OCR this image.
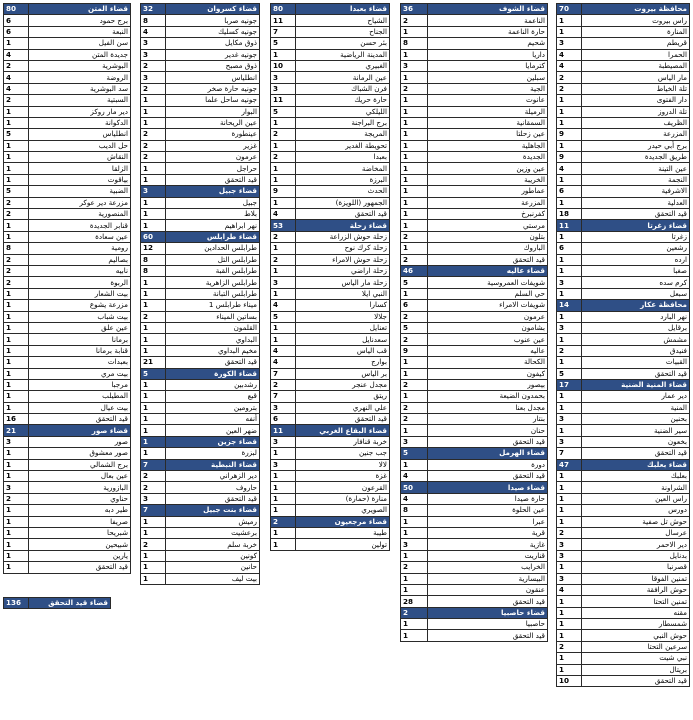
70	محافظة بيروت
1	راس بيروت
1	المنارة
3	قريطم
4	الحمرا
4	المصيطبة
2	مار الياس
2	تلة الخياط
1	دار الفتوى
1	تلة الدروز
1	الظريف
9	المزرعة
1	برج أبي حيدر
9	طريق الجديدة
4	عين التينة
1	النجمة
6	الاشرفية
1	العدلية
18	قيد التحقق
11	قضاء زغرتا
1	زغرتا
6	رشعين
1	ارده
1	صغبا
3	كرم سده
1	سبعل
14	محافظة عكار
1	نهر البارد
3	برقايل
1	مشمش
2	فنيدق
1	القبيات
5	قيد التحقق
17	قضاء المنية الضنية
1	دير عمار
1	المنية
3	بحنين
1	سير الضنية
3	بخعون
7	قيد التحقق
47	قضاء بعلبك
1	بعلبك
1	الشراونة
1	راس العين
1	دورس
1	حوش تل صفية
2	عرسال
3	دير الاحمر
3	بدنايل
1	قصرنبا
3	تمنين الفوقا
4	حوش الرافقة
1	تمنين التحتا
1	مقنه
1	شمسطار
1	حوش النبي
2	سرعين التحتا
1	نبي شيت
1	بريتال
10	قيد التحقق
36	قضاء الشوف
2	الناعمة
1	حارة الناعمة
8	شحيم
1	داريا
3	كترمايا
1	سبلين
2	الجية
1	عانوت
1	الرميلة
1	السمقانية
1	عين زحلتا
1	الجاهلية
1	الجديدة
1	عين وزين
1	الخريبة
1	عماطور
1	المزرعة
1	كفرنبرخ
1	مرستي
2	بتلون
1	الباروك
2	قيد التحقق
46	قضاء عاليه
5	شويفات العمروسية
1	حي السلم
6	شويفات الامراء
2	عرمون
5	بشامون
2	عين عنوب
9	عاليه
1	الكحالة
1	كيفون
2	بيصور
1	بحمدون الضيعة
2	مجدل بعنا
2	بنتار
1	حنان
3	قيد التحقق
5	قضاء الهرمل
1	دورة
4	قيد التحقق
50	قضاء صيدا
4	حارة صيدا
8	عين الحلوة
1	عبرا
1	قرية
3	غازية
1	قناريت
2	الخرايب
1	البيسارية
1	عنقون
28	قيد التحقق
2	قضاء حاصبيا
1	حاصبيا
1	قيد التحقق
80	قضاء بعبدا
11	الشياح
7	الجناح
5	بئر حسن
1	المدينة الرياضية
10	الغبيري
3	عين الرمانة
3	فرن الشباك
11	حارة حريك
5	الليلكي
1	برج البراجنة
2	المريجة
1	تحويطة الغدير
2	بعبدا
1	المخاضة
1	البرزة
9	الحدث
1	الجمهور (اللويزة)
4	قيد التحقق
53	قضاء زحلة
2	زحلة حوش الزراعة
1	زحلة كرك نوح
2	زحلة حوش الامراء
1	زحلة اراضي
3	زحلة مار الياس
1	النبي ايلا
4	كسارا
5	جلالا
1	تعنايل
1	سعدنايل
4	قب الياس
4	بوارج
7	بر الياس
2	مجدل عنجر
7	ريتق
3	علي النهري
6	قيد التحقق
11	قضاء البقاع الغربي
3	خربة قنافار
1	جب جنين
3	لالا
1	غزة
1	القرعون
1	منارة (حمارة)
1	الصويري
2	قضاء مرجعيون
1	طيبة
1	تولين
32	قضاء كسروان
8	جونيه صربا
4	جونيه كسليك
3	ذوق مكايل
3	جونيه غدير
2	ذوق مصبح
3	انطلياس
2	جونيه حارة صخر
1	جونيه ساحل علما
1	البوار
1	عين الريحانة
2	عينطورة
2	غزير
2	عرمون
1	حراجل
1	قيد التحقق
3	قضاء جبيل
1	جبيل
1	بلاط
1	نهر ابراهيم
60	قضاء طرابلس
12	طرابلس الحدادين
8	طرابلس التل
8	طرابلس القبة
1	طرابلس الزاهرية
1	طرابلس التبانة
1	ميناء طرابلس 1
2	بساتين الميناء
1	القلمون
1	البداوي
1	مخيم البداوي
21	قيد التحقق
5	قضاء الكورة
1	رشدبين
1	قبع
1	بترومين
1	أنفه
1	ضهر العين
1	قضاء جزين
1	لبزرة
7	قضاء النبطية
2	دير الزهراني
2	حاروف
3	قيد التحقق
7	قضاء بنت جبيل
1	رميش
1	برعشيت
2	خربة سلم
1	كونين
1	حانين
1	بيت ليف
80	قضاء المتن
6	برج حمود
6	النبعة
1	سن الفيل
4	جديدة المتن
2	البوشرية
4	الروضة
4	سد البوشرية
2	السبتية
1	دير مار روكز
1	الدكوانة
5	انطلياس
1	حل الديب
1	النقاش
1	الزلقا
1	بياقوت
5	الضبية
2	مزرعة دير عوكر
2	المنصورية
1	قنابر الجديدة
1	عين سعادة
8	رومية
2	بصاليم
2	نابيه
2	الربوة
1	بيت الشعار
1	مزرعة يشوع
1	بيت شباب
1	عين علق
1	برمانا
1	قنابة برمانا
1	بعبدات
1	بيت مري
1	مرجبا
1	المطيلب
1	بيت عيال
16	قيد التحقق
21	قضاء صور
3	صور
1	صور معشوق
1	برج الشمالي
1	عين بعال
3	البازورية
2	حناوي
1	طير دبه
1	صريفا
1	شبريحا
1	شبيحين
1	يارين
1	قيد التحقق
136	قضاء قيد التحقق
